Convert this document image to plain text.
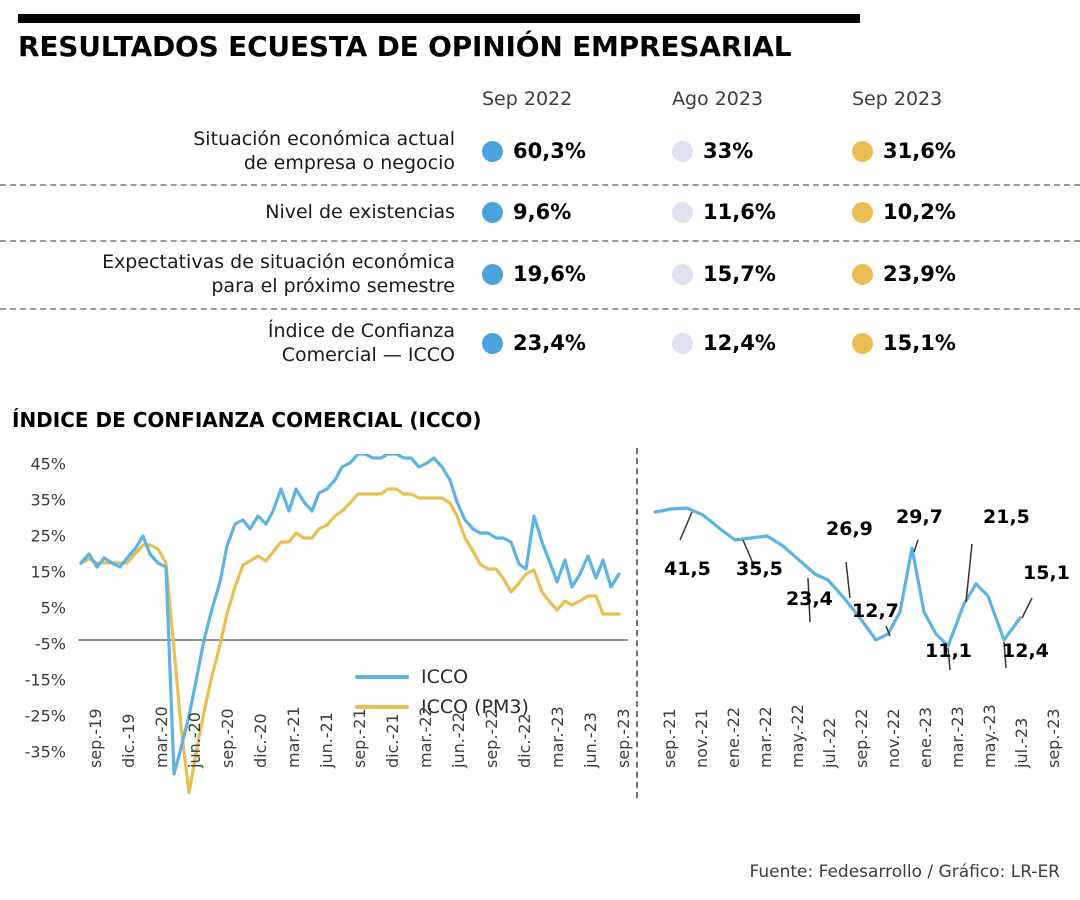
RESULTADOS ECUESTA DE OPINIÓN EMPRESARIAL
Sep 2022	Ago 2023	Sep 2023
Situación económica actual
de empresa o negocio	60,3%	33%	31,6%
Nivel de existencias	9,6%	11,6%	10,2%
Expectativas de situación económica
para el próximo semestre	19,6%	15,7%	23,9%
Índice de Confianza
Comercial — ICCO	23,4%	12,4%	15,1%
ÍNDICE DE CONFIANZA COMERCIAL (ICCO)
45%
35%
25%
15%
5%
-5%
-15%
-25%
-35%
ICCO
ICCO (PM3)
41,5 35,5
23,4
26,9
12,7
29,7
11,1
21,5
12,4
15,1
sep.-19 dic.-19 mar.-20 jun.-20 sep.-20 dic.-20 mar.-21 jun.-21 sep.-21 dic.-21 mar.-22 jun.-22 sep.-22 dic.-22 mar.-23 jun.-23 sep.-23 sep.-21 nov.-21 ene.-22 mar.-22 may.-22 jul.-22 sep.-22 nov.-22 ene.-23 mar.-23 may.-23 jul.-23 sep.-23
Fuente: Fedesarrollo / Gráfico: LR-ER
